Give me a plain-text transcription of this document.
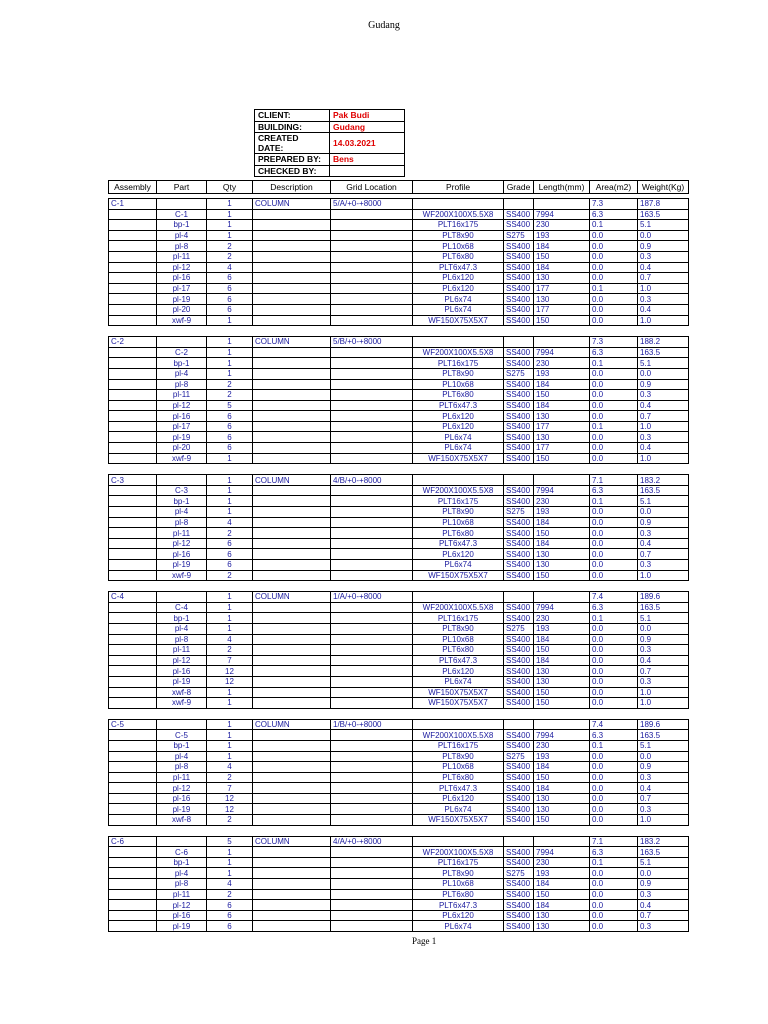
Gudang
CLIENT:	Pak Budi
BUILDING:	Gudang
CREATED DATE:	14.03.2021
PREPARED BY:	Bens
CHECKED BY:	
Assembly	Part	Qty	Description	Grid Location	Profile	Grade	Length(mm)	Area(m2)	Weight(Kg)

C-1		1	COLUMN	5/A/+0-+8000				7.3	187.8
	C-1	1			WF200X100X5.5X8	SS400	7994	6.3	163.5
	bp-1	1			PLT16x175	SS400	230	0.1	5.1
	pl-4	1			PLT8x90	S275	193	0.0	0.0
	pl-8	2			PL10x68	SS400	184	0.0	0.9
	pl-11	2			PLT6x80	SS400	150	0.0	0.3
	pl-12	4			PLT6x47.3	SS400	184	0.0	0.4
	pl-16	6			PL6x120	SS400	130	0.0	0.7
	pl-17	6			PL6x120	SS400	177	0.1	1.0
	pl-19	6			PL6x74	SS400	130	0.0	0.3
	pl-20	6			PL6x74	SS400	177	0.0	0.4
	xwf-9	1			WF150X75X5X7	SS400	150	0.0	1.0

C-2		1	COLUMN	5/B/+0-+8000				7.3	188.2
	C-2	1			WF200X100X5.5X8	SS400	7994	6.3	163.5
	bp-1	1			PLT16x175	SS400	230	0.1	5.1
	pl-4	1			PLT8x90	S275	193	0.0	0.0
	pl-8	2			PL10x68	SS400	184	0.0	0.9
	pl-11	2			PLT6x80	SS400	150	0.0	0.3
	pl-12	5			PLT6x47.3	SS400	184	0.0	0.4
	pl-16	6			PL6x120	SS400	130	0.0	0.7
	pl-17	6			PL6x120	SS400	177	0.1	1.0
	pl-19	6			PL6x74	SS400	130	0.0	0.3
	pl-20	6			PL6x74	SS400	177	0.0	0.4
	xwf-9	1			WF150X75X5X7	SS400	150	0.0	1.0

C-3		1	COLUMN	4/B/+0-+8000				7.1	183.2
	C-3	1			WF200X100X5.5X8	SS400	7994	6.3	163.5
	bp-1	1			PLT16x175	SS400	230	0.1	5.1
	pl-4	1			PLT8x90	S275	193	0.0	0.0
	pl-8	4			PL10x68	SS400	184	0.0	0.9
	pl-11	2			PLT6x80	SS400	150	0.0	0.3
	pl-12	6			PLT6x47.3	SS400	184	0.0	0.4
	pl-16	6			PL6x120	SS400	130	0.0	0.7
	pl-19	6			PL6x74	SS400	130	0.0	0.3
	xwf-9	2			WF150X75X5X7	SS400	150	0.0	1.0

C-4		1	COLUMN	1/A/+0-+8000				7.4	189.6
	C-4	1			WF200X100X5.5X8	SS400	7994	6.3	163.5
	bp-1	1			PLT16x175	SS400	230	0.1	5.1
	pl-4	1			PLT8x90	S275	193	0.0	0.0
	pl-8	4			PL10x68	SS400	184	0.0	0.9
	pl-11	2			PLT6x80	SS400	150	0.0	0.3
	pl-12	7			PLT6x47.3	SS400	184	0.0	0.4
	pl-16	12			PL6x120	SS400	130	0.0	0.7
	pl-19	12			PL6x74	SS400	130	0.0	0.3
	xwf-8	1			WF150X75X5X7	SS400	150	0.0	1.0
	xwf-9	1			WF150X75X5X7	SS400	150	0.0	1.0

C-5		1	COLUMN	1/B/+0-+8000				7.4	189.6
	C-5	1			WF200X100X5.5X8	SS400	7994	6.3	163.5
	bp-1	1			PLT16x175	SS400	230	0.1	5.1
	pl-4	1			PLT8x90	S275	193	0.0	0.0
	pl-8	4			PL10x68	SS400	184	0.0	0.9
	pl-11	2			PLT6x80	SS400	150	0.0	0.3
	pl-12	7			PLT6x47.3	SS400	184	0.0	0.4
	pl-16	12			PL6x120	SS400	130	0.0	0.7
	pl-19	12			PL6x74	SS400	130	0.0	0.3
	xwf-8	2			WF150X75X5X7	SS400	150	0.0	1.0

C-6		5	COLUMN	4/A/+0-+8000				7.1	183.2
	C-6	1			WF200X100X5.5X8	SS400	7994	6.3	163.5
	bp-1	1			PLT16x175	SS400	230	0.1	5.1
	pl-4	1			PLT8x90	S275	193	0.0	0.0
	pl-8	4			PL10x68	SS400	184	0.0	0.9
	pl-11	2			PLT6x80	SS400	150	0.0	0.3
	pl-12	6			PLT6x47.3	SS400	184	0.0	0.4
	pl-16	6			PL6x120	SS400	130	0.0	0.7
	pl-19	6			PL6x74	SS400	130	0.0	0.3
Page 1
